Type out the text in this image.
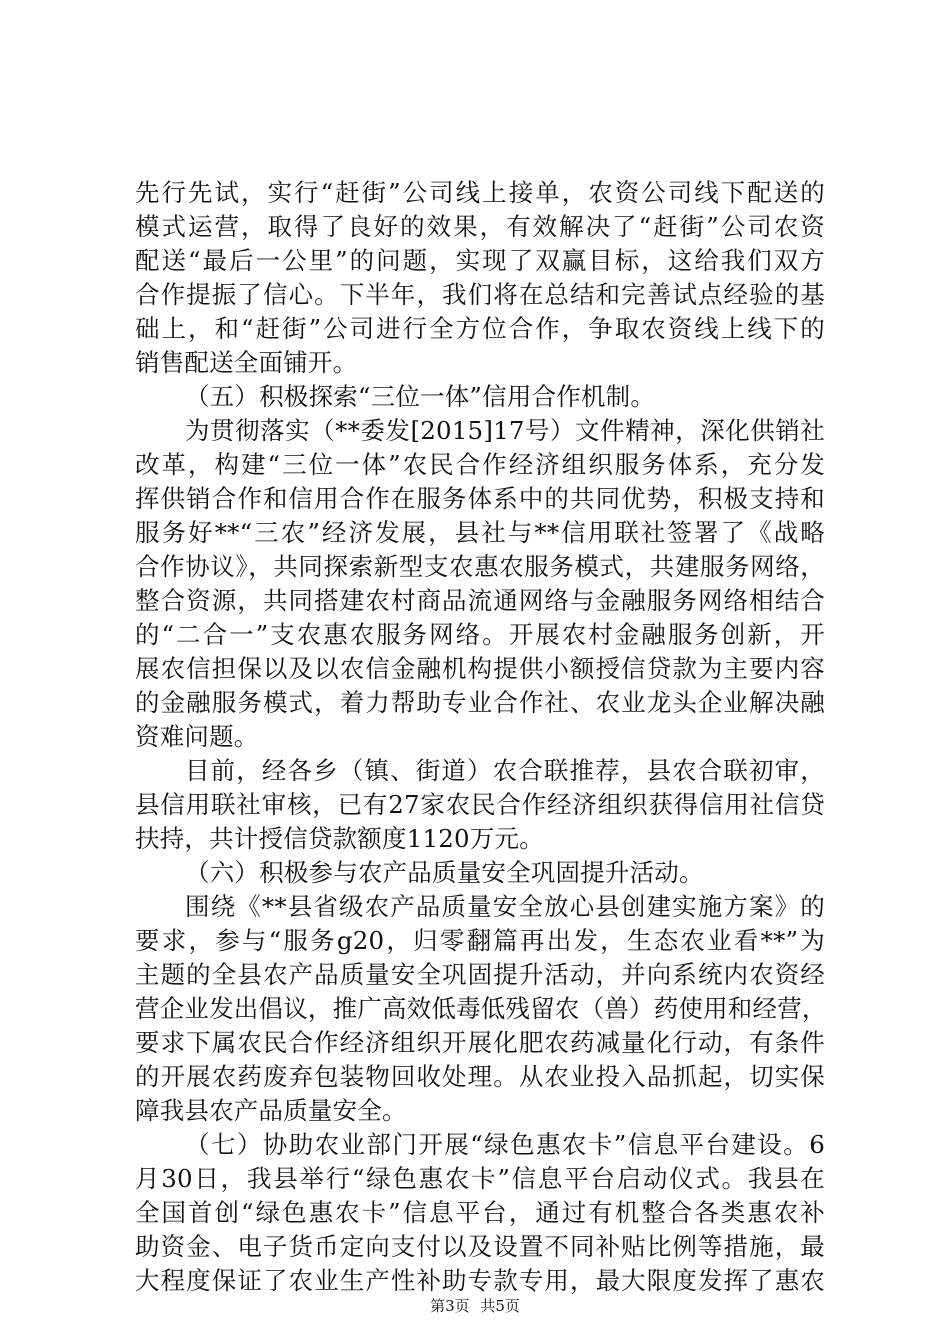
先行先试，实行“赶街”公司线上接单，农资公司线下配送的
模式运营，取得了良好的效果，有效解决了“赶街”公司农资
配送“最后一公里”的问题，实现了双赢目标，这给我们双方
合作提振了信心。下半年，我们将在总结和完善试点经验的基
础上，和“赶街”公司进行全方位合作，争取农资线上线下的
销售配送全面铺开。
（五）积极探索“三位一体”信用合作机制。
为贯彻落实（**委发[2015]17号）文件精神，深化供销社
改革，构建“三位一体”农民合作经济组织服务体系，充分发
挥供销合作和信用合作在服务体系中的共同优势，积极支持和
服务好**“三农”经济发展，县社与**信用联社签署了《战略
合作协议》，共同探索新型支农惠农服务模式，共建服务网络，
整合资源，共同搭建农村商品流通网络与金融服务网络相结合
的“二合一”支农惠农服务网络。开展农村金融服务创新，开
展农信担保以及以农信金融机构提供小额授信贷款为主要内容
的金融服务模式，着力帮助专业合作社、农业龙头企业解决融
资难问题。
目前，经各乡（镇、街道）农合联推荐，县农合联初审，
县信用联社审核，已有27家农民合作经济组织获得信用社信贷
扶持，共计授信贷款额度1120万元。
（六）积极参与农产品质量安全巩固提升活动。
围绕《**县省级农产品质量安全放心县创建实施方案》的
要求，参与“服务g20，归零翻篇再出发，生态农业看**”为
主题的全县农产品质量安全巩固提升活动，并向系统内农资经
营企业发出倡议，推广高效低毒低残留农（兽）药使用和经营，
要求下属农民合作经济组织开展化肥农药减量化行动，有条件
的开展农药废弃包装物回收处理。从农业投入品抓起，切实保
障我县农产品质量安全。
（七）协助农业部门开展“绿色惠农卡”信息平台建设。6
月30日，我县举行“绿色惠农卡”信息平台启动仪式。我县在
全国首创“绿色惠农卡”信息平台，通过有机整合各类惠农补
助资金、电子货币定向支付以及设置不同补贴比例等措施，最
大程度保证了农业生产性补助专款专用，最大限度发挥了惠农
第3页 共5页
